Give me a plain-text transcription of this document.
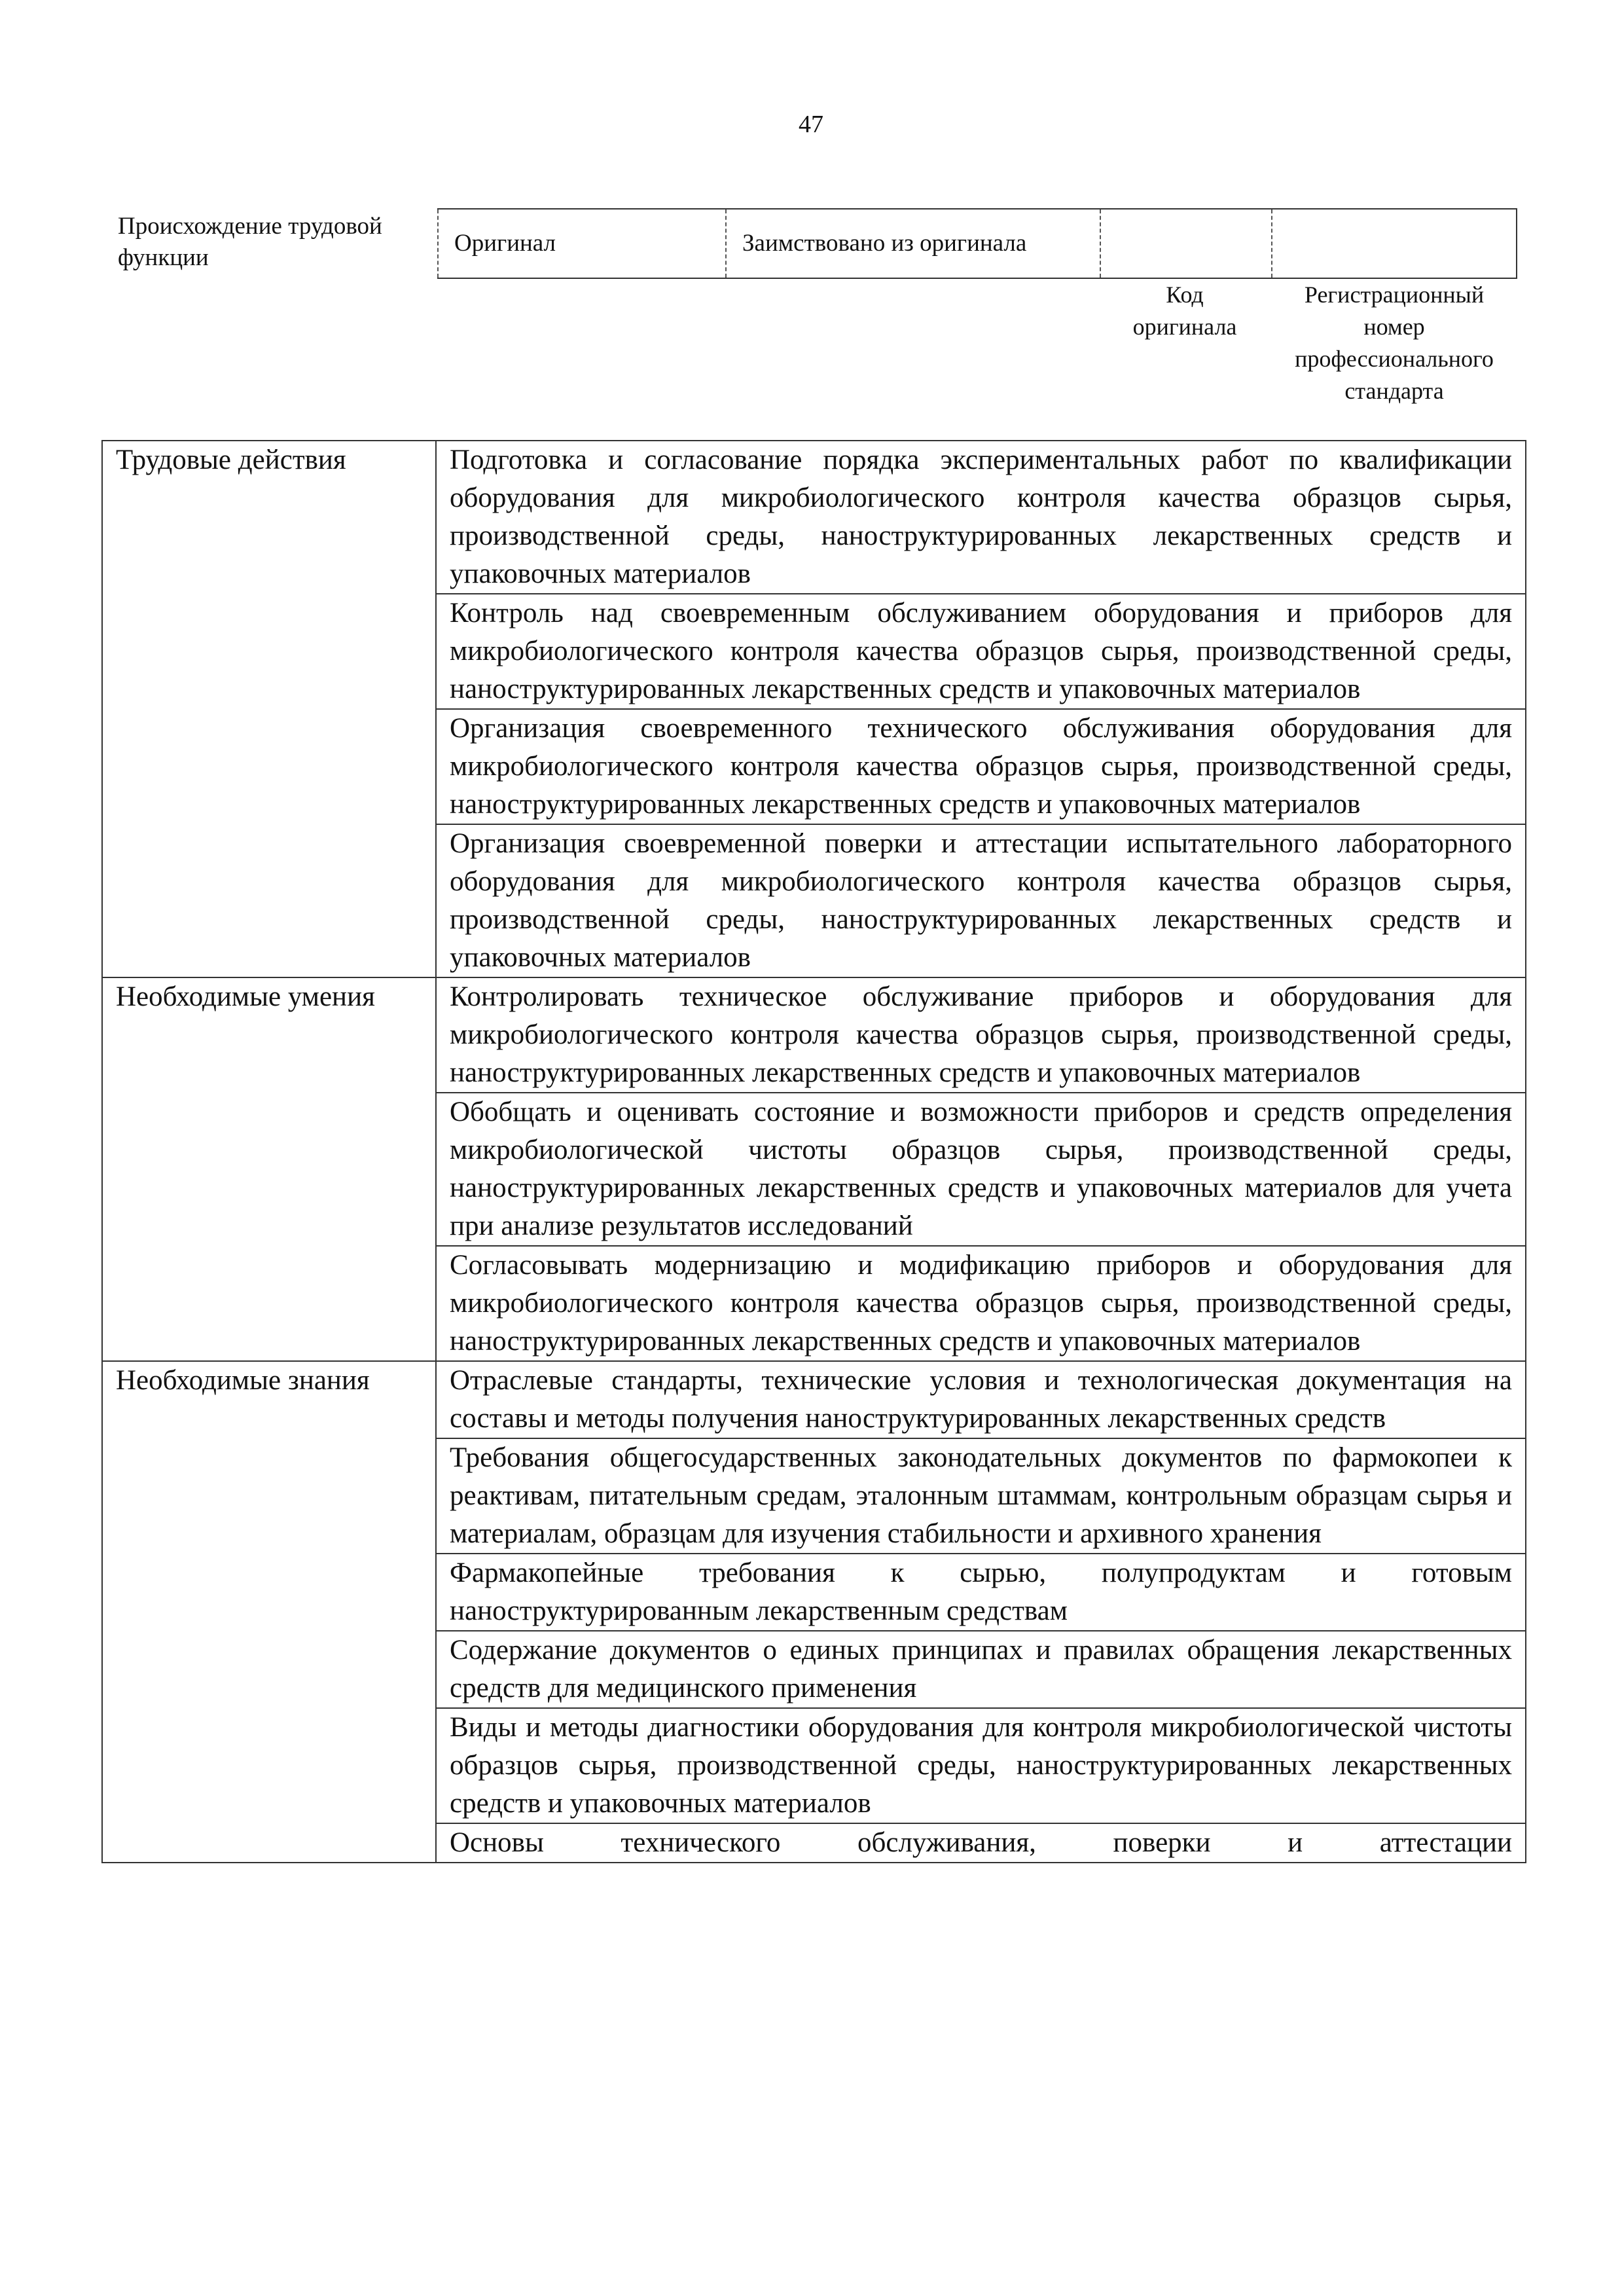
47
Происхождение трудовой функции
Оригинал	Заимствовано из оригинала
Код оригинала
Регистрационный номер профессионального стандарта
Трудовые действия	Подготовка и согласование порядка экспериментальных работ по квалификации оборудования для микробиологического контроля качества образцов сырья, производственной среды, наноструктурированных лекарственных средств и упаковочных материалов
	Контроль над своевременным обслуживанием оборудования и приборов для микробиологического контроля качества образцов сырья, производственной среды, наноструктурированных лекарственных средств и упаковочных материалов
	Организация своевременного технического обслуживания оборудования для микробиологического контроля качества образцов сырья, производственной среды, наноструктурированных лекарственных средств и упаковочных материалов
	Организация своевременной поверки и аттестации испытательного лабораторного оборудования для микробиологического контроля качества образцов сырья, производственной среды, наноструктурированных лекарственных средств и упаковочных материалов
Необходимые умения	Контролировать техническое обслуживание приборов и оборудования для микробиологического контроля качества образцов сырья, производственной среды, наноструктурированных лекарственных средств и упаковочных материалов
	Обобщать и оценивать состояние и возможности приборов и средств определения микробиологической чистоты образцов сырья, производственной среды, наноструктурированных лекарственных средств и упаковочных материалов для учета при анализе результатов исследований
	Согласовывать модернизацию и модификацию приборов и оборудования для микробиологического контроля качества образцов сырья, производственной среды, наноструктурированных лекарственных средств и упаковочных материалов
Необходимые знания	Отраслевые стандарты, технические условия и технологическая документация на составы и методы получения наноструктурированных лекарственных средств
	Требования общегосударственных законодательных документов по фармокопеи к реактивам, питательным средам, эталонным штаммам, контрольным образцам сырья и материалам, образцам для изучения стабильности и архивного хранения
	Фармакопейные требования к сырью, полупродуктам и готовым наноструктурированным лекарственным средствам
	Содержание документов о единых принципах и правилах обращения лекарственных средств для медицинского применения
	Виды и методы диагностики оборудования для контроля микробиологической чистоты образцов сырья, производственной среды, наноструктурированных лекарственных средств и упаковочных материалов
	Основы технического обслуживания, поверки и аттестации
